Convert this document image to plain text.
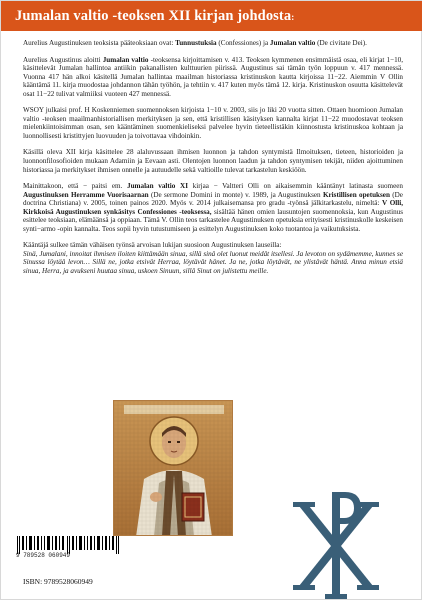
Jumalan valtio -teoksen XII kirjan johdosta:

Aurelius Augustinuksen teoksista pääteoksiaan ovat: Tunnustuksia (Confessiones) ja Jumalan valtio (De civitate Dei).

Aurelius Augustinus aloitti Jumalan valtio -teoksensa kirjoittamisen v. 413. Teoksen kymmenen ensimmäistä osaa, eli kirjat 1−10, käsittelevät Jumalan hallintoa antiikin pakanallisten kulttuurien piirissä. Augustinus sai tämän työn loppuun v. 417 mennessä. Vuonna 417 hän alkoi käsitellä Jumalan hallintaa maailman historiassa kristinuskon kautta kirjoissa 11−22. Aiemmin V Ollin kääntämä 11. kirja muodostaa johdannon tähän työhön, ja tehtiin v. 417 kuten myös tämä 12. kirja. Kristinuskon osuutta käsittelevät osat 11−22 tulivat valmiiksi vuoteen 427 mennessä.

WSOY julkaisi prof. H Koskenniemen suomennoksen kirjoista 1−10 v. 2003, siis jo liki 20 vuotta sitten. Ottaen huomioon Jumalan valtio -teoksen maailmanhistoriallisen merkityksen ja sen, että kristillisen käsityksen kannalta kirjat 11−22 muodostavat teoksen mielenkiintoisimman osan, sen kääntäminen suomenkieliseksi palvelee hyvin tieteellistäkin kiinnostusta kristinuskoa kohtaan ja luonnollisesti kristittyjen luovuuden ja toivottavaa vihdoinkin.

Käsillä oleva XII kirja käsittelee 28 alaluvussaan ihmisen luonnon ja tahdon syntymistä Ilmoituksen, tieteen, historioiden ja luonnonfilosofioiden mukaan Adamiin ja Eevaan asti. Olentojen luonnon laadun ja tahdon syntymisen tekijät, niiden ajoittuminen historiassa ja merkitykset ihmisen onnelle ja autuudelle sekä valtioille tulevat tarkastelun keskiöön.

Mainittakoon, että − paitsi em. Jumalan valtio XI kirjaa − Valtteri Olli on aikaisemmin kääntänyt latinasta suomeen Augustinuksen Herramme Vuorisaarnan (De sermone Domini in monte) v. 1989, ja Augustinuksen Kristillisen opetuksen (De doctrina Christiana) v. 2005, toinen painos 2020. Myös v. 2014 julkaisemansa pro gradu -työnsä jälkitarkastelu, nimeltä: V Olli, Kirkkoisä Augustinuksen synkäsitys Confessiones -teoksessa, sisältää hänen omien lausuntojen suomennoksia, kun Augustinus esittelee teoksiaan, elämäänsä ja oppiaan. Tämä V. Ollin teos tarkastelee Augustinuksen opetuksia erityisesti kristinuskolle keskeisen synti−armo -opin kannalta. Teos sopii hyvin tutustumiseen ja esittelyn Augustinuksen koko tuotantoa ja vaikutuksista.

Kääntäjä sulkee tämän vähäisen työnsä arvoisan lukijan suosioon Augustinuksen lauseilla:
Sinä, Jumalani, innoitat ihmisen iloiten kiittämään sinua, sillä sinä olet luonut meidät itsellesi. Ja levoton on sydämemme, kunnes se Sinussa löytää levon… Sillä ne, jotka etsivät Herraa, löytävät hänet. Ja ne, jotka löytävät, ne ylistävät häntä. Anna minun etsiä sinua, Herra, ja avukseni huutaa sinua, uskoen Sinuun, sillä Sinut on julistettu meille.

9 789528 060949
ISBN: 9789528060949
